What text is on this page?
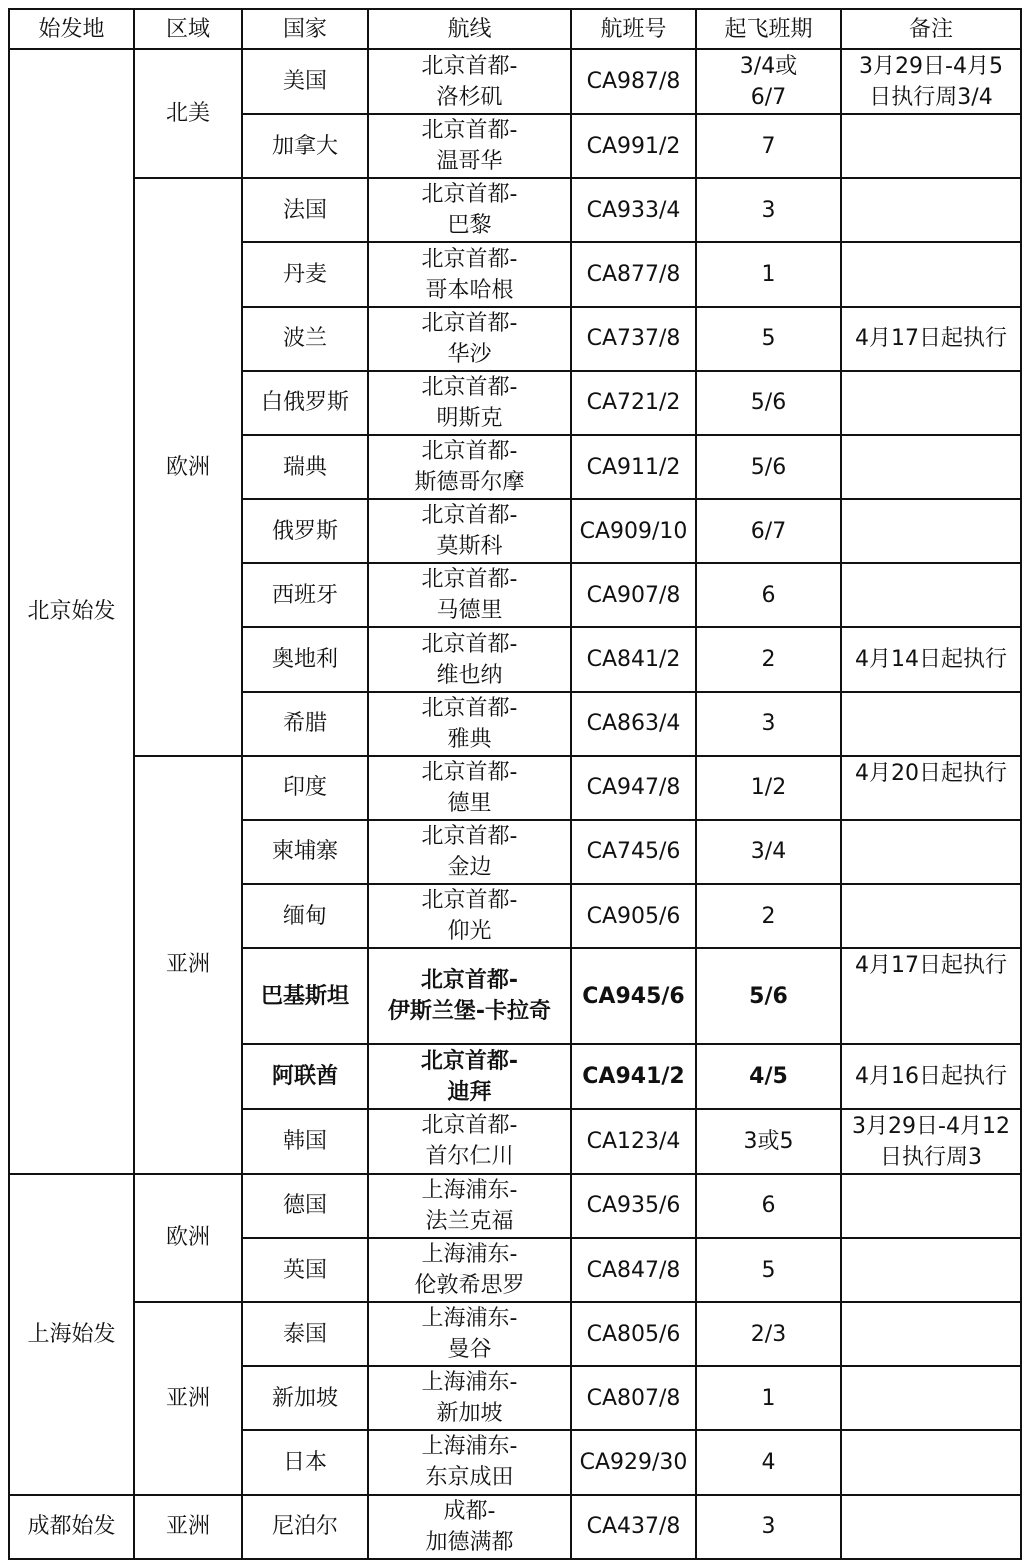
始发地	区域	国家	航线	航班号	起飞班期	备注
北京始发	北美	美国	北京首都-
洛杉矶	CA987/8	3/4或
6/7	3月29日-4月5
日执行周3/4

		加拿大	北京首都-
温哥华	CA991/2	7	

	欧洲	法国	北京首都-
巴黎	CA933/4	3	

		丹麦	北京首都-
哥本哈根	CA877/8	1	

		波兰	北京首都-
华沙	CA737/8	5	4月17日起执行

		白俄罗斯	北京首都-
明斯克	CA721/2	5/6	

		瑞典	北京首都-
斯德哥尔摩	CA911/2	5/6	

		俄罗斯	北京首都-
莫斯科	CA909/10	6/7	

		西班牙	北京首都-
马德里	CA907/8	6	

		奥地利	北京首都-
维也纳	CA841/2	2	4月14日起执行

		希腊	北京首都-
雅典	CA863/4	3	

	亚洲	印度	北京首都-
德里	CA947/8	1/2	4月20日起执行

		柬埔寨	北京首都-
金边	CA745/6	3/4	

		缅甸	北京首都-
仰光	CA905/6	2	

		巴基斯坦	北京首都-
伊斯兰堡-卡拉奇	CA945/6	5/6	4月17日起执行

		阿联酋	北京首都-
迪拜	CA941/2	4/5	4月16日起执行

		韩国	北京首都-
首尔仁川	CA123/4	3或5	3月29日-4月12
日执行周3

上海始发	欧洲	德国	上海浦东-
法兰克福	CA935/6	6	

		英国	上海浦东-
伦敦希思罗	CA847/8	5	

	亚洲	泰国	上海浦东-
曼谷	CA805/6	2/3	

		新加坡	上海浦东-
新加坡	CA807/8	1	

		日本	上海浦东-
东京成田	CA929/30	4	

成都始发	亚洲	尼泊尔	成都-
加德满都	CA437/8	3	
